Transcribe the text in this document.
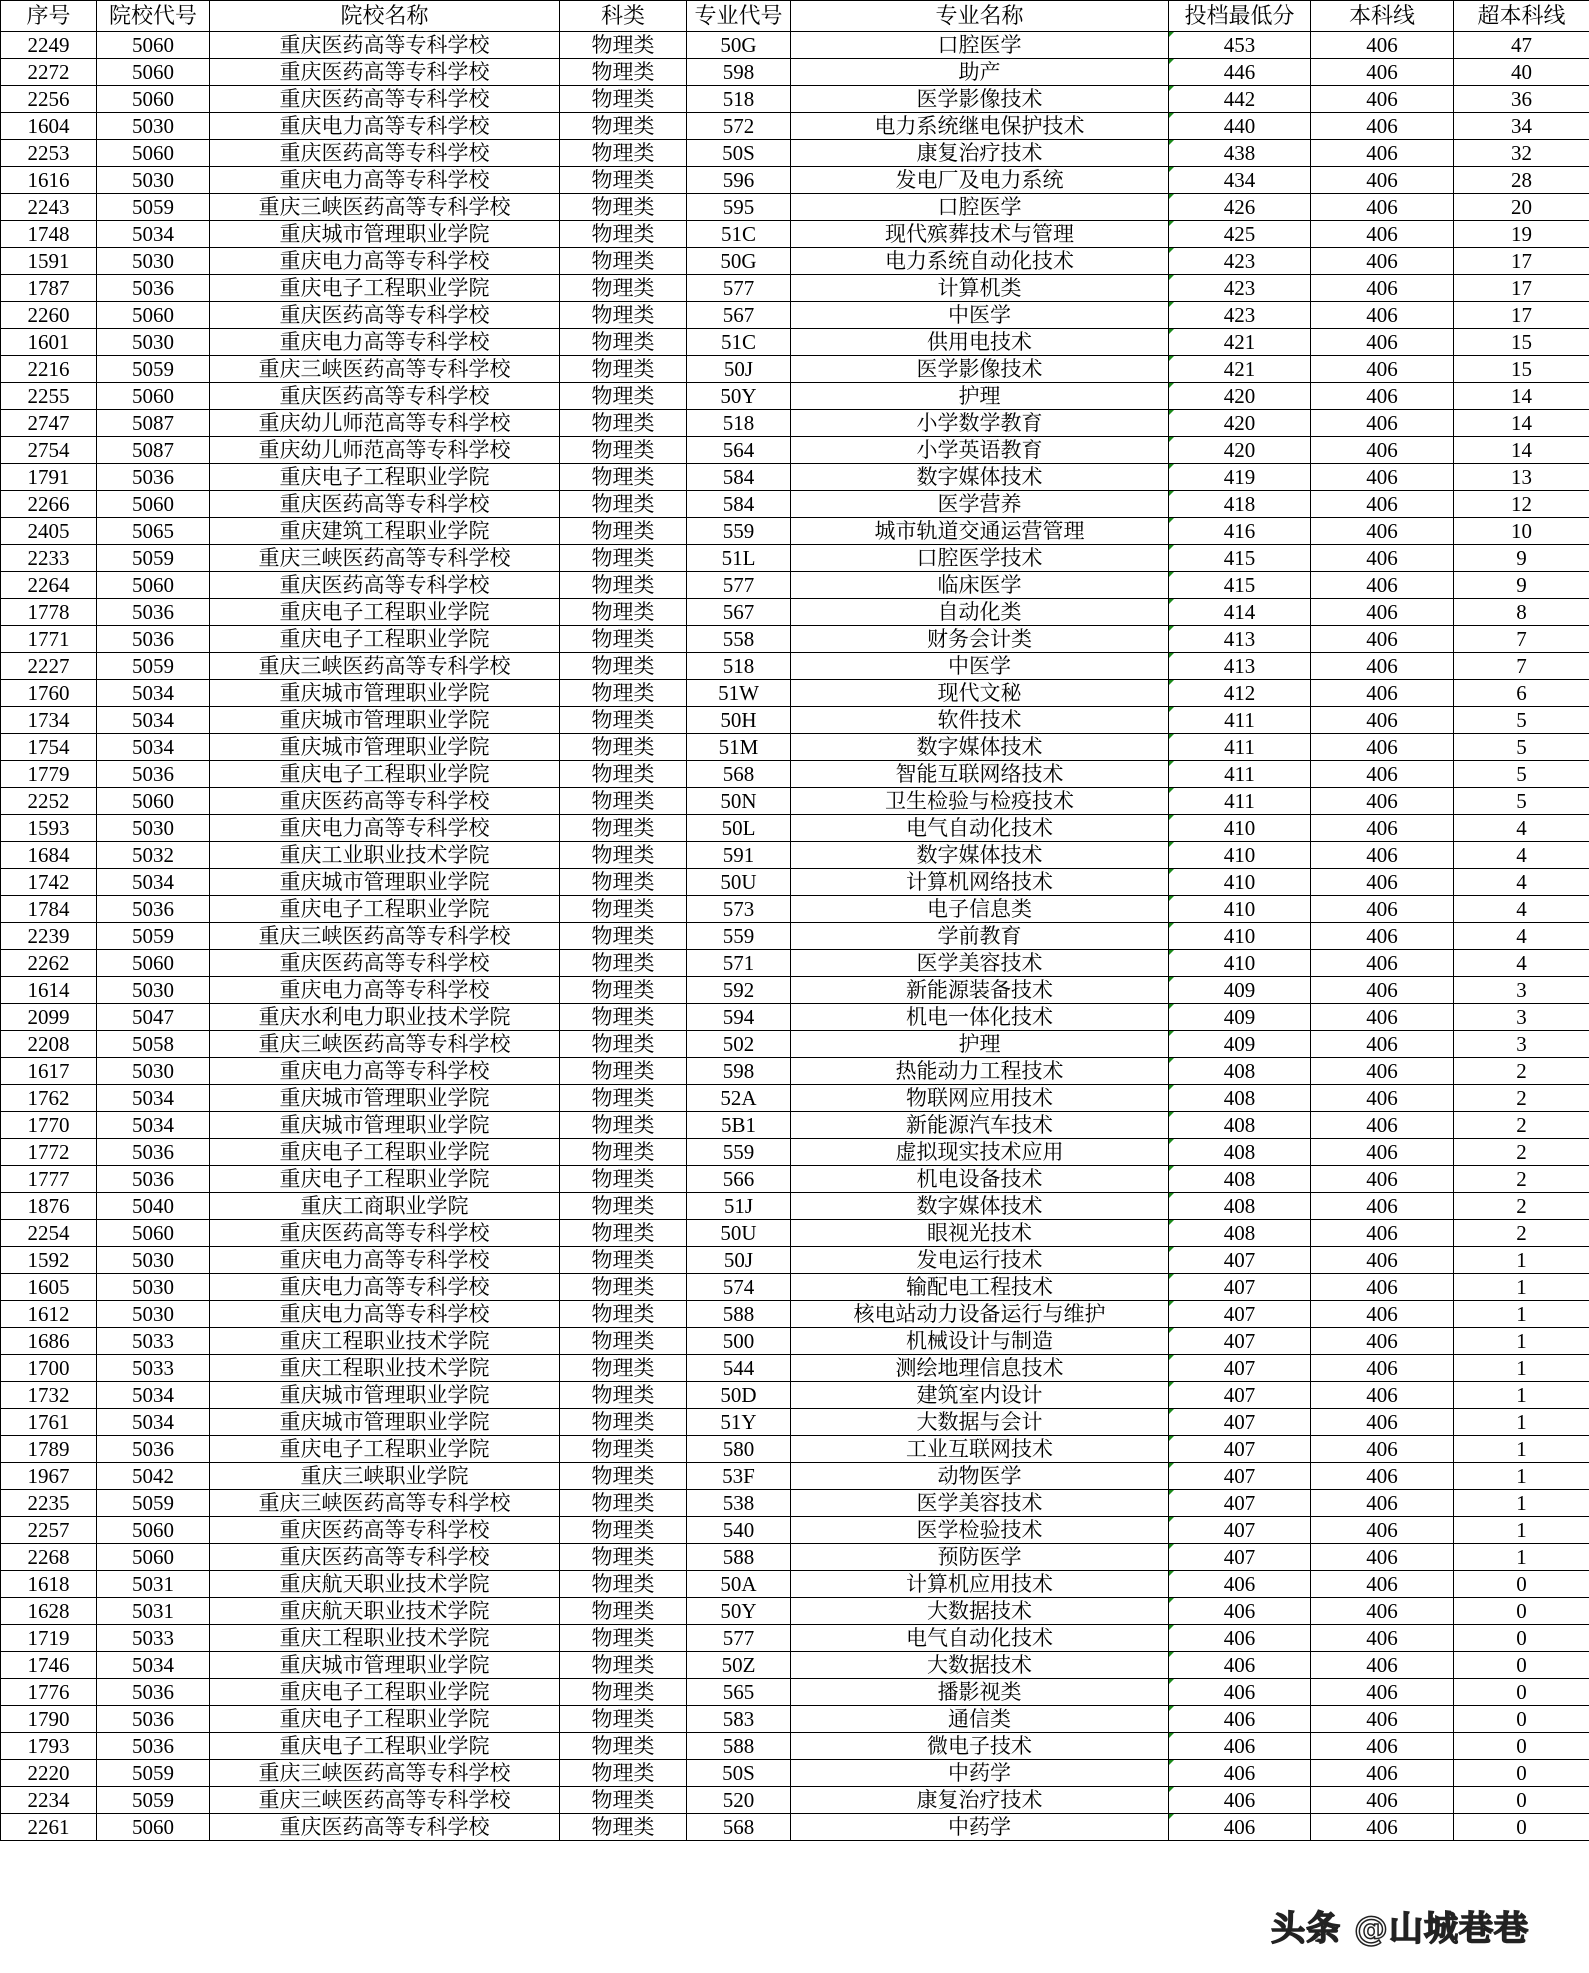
序号	院校代号	院校名称	科类	专业代号	专业名称	投档最低分	本科线	超本科线
2249	5060	重庆医药高等专科学校	物理类	50G	口腔医学	453	406	47
2272	5060	重庆医药高等专科学校	物理类	598	助产	446	406	40
2256	5060	重庆医药高等专科学校	物理类	518	医学影像技术	442	406	36
1604	5030	重庆电力高等专科学校	物理类	572	电力系统继电保护技术	440	406	34
2253	5060	重庆医药高等专科学校	物理类	50S	康复治疗技术	438	406	32
1616	5030	重庆电力高等专科学校	物理类	596	发电厂及电力系统	434	406	28
2243	5059	重庆三峡医药高等专科学校	物理类	595	口腔医学	426	406	20
1748	5034	重庆城市管理职业学院	物理类	51C	现代殡葬技术与管理	425	406	19
1591	5030	重庆电力高等专科学校	物理类	50G	电力系统自动化技术	423	406	17
1787	5036	重庆电子工程职业学院	物理类	577	计算机类	423	406	17
2260	5060	重庆医药高等专科学校	物理类	567	中医学	423	406	17
1601	5030	重庆电力高等专科学校	物理类	51C	供用电技术	421	406	15
2216	5059	重庆三峡医药高等专科学校	物理类	50J	医学影像技术	421	406	15
2255	5060	重庆医药高等专科学校	物理类	50Y	护理	420	406	14
2747	5087	重庆幼儿师范高等专科学校	物理类	518	小学数学教育	420	406	14
2754	5087	重庆幼儿师范高等专科学校	物理类	564	小学英语教育	420	406	14
1791	5036	重庆电子工程职业学院	物理类	584	数字媒体技术	419	406	13
2266	5060	重庆医药高等专科学校	物理类	584	医学营养	418	406	12
2405	5065	重庆建筑工程职业学院	物理类	559	城市轨道交通运营管理	416	406	10
2233	5059	重庆三峡医药高等专科学校	物理类	51L	口腔医学技术	415	406	9
2264	5060	重庆医药高等专科学校	物理类	577	临床医学	415	406	9
1778	5036	重庆电子工程职业学院	物理类	567	自动化类	414	406	8
1771	5036	重庆电子工程职业学院	物理类	558	财务会计类	413	406	7
2227	5059	重庆三峡医药高等专科学校	物理类	518	中医学	413	406	7
1760	5034	重庆城市管理职业学院	物理类	51W	现代文秘	412	406	6
1734	5034	重庆城市管理职业学院	物理类	50H	软件技术	411	406	5
1754	5034	重庆城市管理职业学院	物理类	51M	数字媒体技术	411	406	5
1779	5036	重庆电子工程职业学院	物理类	568	智能互联网络技术	411	406	5
2252	5060	重庆医药高等专科学校	物理类	50N	卫生检验与检疫技术	411	406	5
1593	5030	重庆电力高等专科学校	物理类	50L	电气自动化技术	410	406	4
1684	5032	重庆工业职业技术学院	物理类	591	数字媒体技术	410	406	4
1742	5034	重庆城市管理职业学院	物理类	50U	计算机网络技术	410	406	4
1784	5036	重庆电子工程职业学院	物理类	573	电子信息类	410	406	4
2239	5059	重庆三峡医药高等专科学校	物理类	559	学前教育	410	406	4
2262	5060	重庆医药高等专科学校	物理类	571	医学美容技术	410	406	4
1614	5030	重庆电力高等专科学校	物理类	592	新能源装备技术	409	406	3
2099	5047	重庆水利电力职业技术学院	物理类	594	机电一体化技术	409	406	3
2208	5058	重庆三峡医药高等专科学校	物理类	502	护理	409	406	3
1617	5030	重庆电力高等专科学校	物理类	598	热能动力工程技术	408	406	2
1762	5034	重庆城市管理职业学院	物理类	52A	物联网应用技术	408	406	2
1770	5034	重庆城市管理职业学院	物理类	5B1	新能源汽车技术	408	406	2
1772	5036	重庆电子工程职业学院	物理类	559	虚拟现实技术应用	408	406	2
1777	5036	重庆电子工程职业学院	物理类	566	机电设备技术	408	406	2
1876	5040	重庆工商职业学院	物理类	51J	数字媒体技术	408	406	2
2254	5060	重庆医药高等专科学校	物理类	50U	眼视光技术	408	406	2
1592	5030	重庆电力高等专科学校	物理类	50J	发电运行技术	407	406	1
1605	5030	重庆电力高等专科学校	物理类	574	输配电工程技术	407	406	1
1612	5030	重庆电力高等专科学校	物理类	588	核电站动力设备运行与维护	407	406	1
1686	5033	重庆工程职业技术学院	物理类	500	机械设计与制造	407	406	1
1700	5033	重庆工程职业技术学院	物理类	544	测绘地理信息技术	407	406	1
1732	5034	重庆城市管理职业学院	物理类	50D	建筑室内设计	407	406	1
1761	5034	重庆城市管理职业学院	物理类	51Y	大数据与会计	407	406	1
1789	5036	重庆电子工程职业学院	物理类	580	工业互联网技术	407	406	1
1967	5042	重庆三峡职业学院	物理类	53F	动物医学	407	406	1
2235	5059	重庆三峡医药高等专科学校	物理类	538	医学美容技术	407	406	1
2257	5060	重庆医药高等专科学校	物理类	540	医学检验技术	407	406	1
2268	5060	重庆医药高等专科学校	物理类	588	预防医学	407	406	1
1618	5031	重庆航天职业技术学院	物理类	50A	计算机应用技术	406	406	0
1628	5031	重庆航天职业技术学院	物理类	50Y	大数据技术	406	406	0
1719	5033	重庆工程职业技术学院	物理类	577	电气自动化技术	406	406	0
1746	5034	重庆城市管理职业学院	物理类	50Z	大数据技术	406	406	0
1776	5036	重庆电子工程职业学院	物理类	565	播影视类	406	406	0
1790	5036	重庆电子工程职业学院	物理类	583	通信类	406	406	0
1793	5036	重庆电子工程职业学院	物理类	588	微电子技术	406	406	0
2220	5059	重庆三峡医药高等专科学校	物理类	50S	中药学	406	406	0
2234	5059	重庆三峡医药高等专科学校	物理类	520	康复治疗技术	406	406	0
2261	5060	重庆医药高等专科学校	物理类	568	中药学	406	406	0
头条 @山城巷巷
